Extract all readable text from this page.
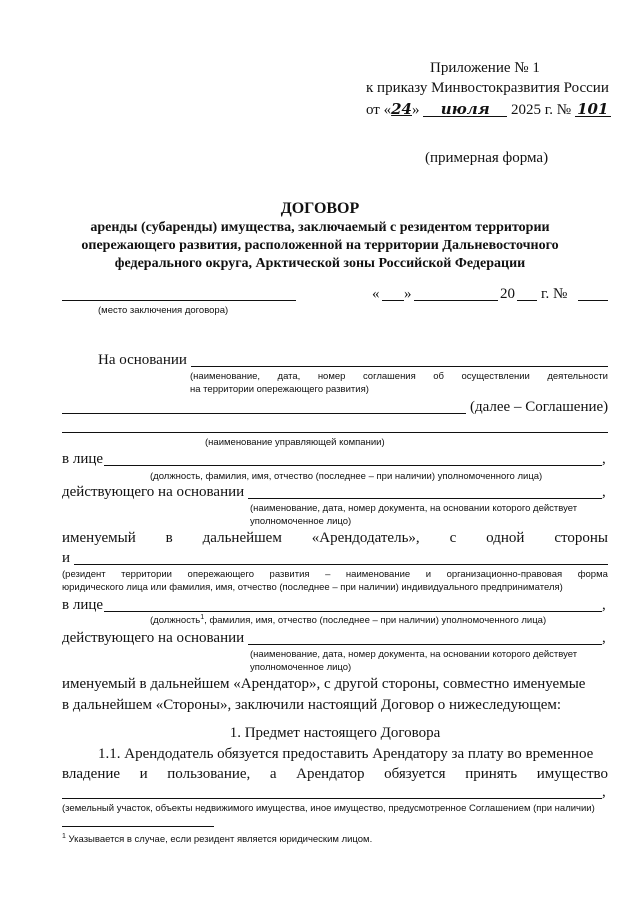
Приложение № 1
к приказу Минвостокразвития России
от «24» июля 2025 г. № 101
(примерная форма)
ДОГОВОР
аренды (субаренды) имущества, заключаемый с резидентом территории
опережающего развития, расположенной на территории Дальневосточного
федерального округа, Арктической зоны Российской Федерации
(место заключения договора)
« »	20 г. №
На основании
(наименование, дата, номер соглашения об осуществлении деятельности
на территории опережающего развития)
(далее – Соглашение)
(наименование управляющей компании)
в лице	,
(должность, фамилия, имя, отчество (последнее – при наличии) уполномоченного лица)
действующего на основании	,
(наименование, дата, номер документа, на основании которого действует
уполномоченное лицо)
именуемый в дальнейшем «Арендодатель», с одной стороны
и
(резидент территории опережающего развития – наименование и организационно-правовая форма
юридического лица или фамилия, имя, отчество (последнее – при наличии) индивидуального предпринимателя)
в лице	,
(должность$^1$, фамилия, имя, отчество (последнее – при наличии) уполномоченного лица)
действующего на основании	,
(наименование, дата, номер документа, на основании которого действует
уполномоченное лицо)
именуемый в дальнейшем «Арендатор», с другой стороны, совместно именуемые
в дальнейшем «Стороны», заключили настоящий Договор о нижеследующем:
1. Предмет настоящего Договора
1.1. Арендодатель обязуется предоставить Арендатору за плату во временное
владение и пользование, а Арендатор обязуется принять имущество
,
(земельный участок, объекты недвижимого имущества, иное имущество, предусмотренное Соглашением (при наличии)
$^1$ Указывается в случае, если резидент является юридическим лицом.
